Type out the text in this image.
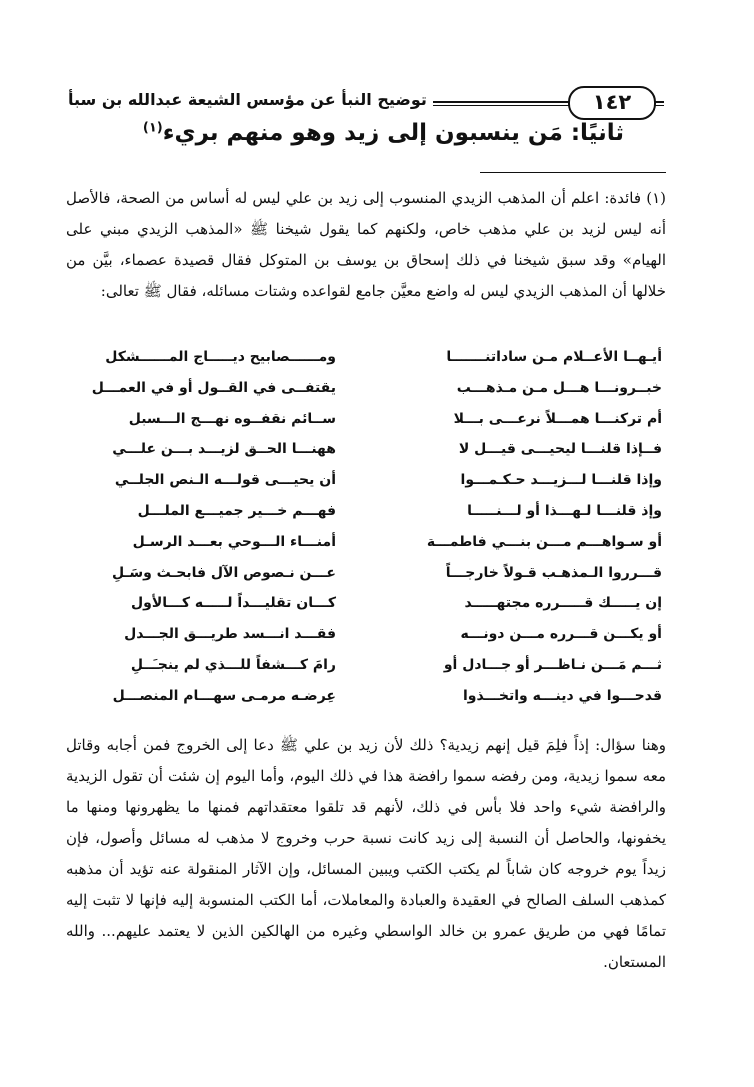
١٤٢
توضيح النبأ عن مؤسس الشيعة عبدالله بن سبأ
ثانيًا: مَن ينسبون إلى زيد وهو منهم بريء$^{(١)}$
(١) فائدة: اعلم أن المذهب الزيدي المنسوب إلى زيد بن علي ليس له أساس من الصحة، فالأصل أنه ليس لزيد بن علي مذهب خاص، ولكنهم كما يقول شيخنا ﷺ «المذهب الزيدي مبني على الهيام» وقد سبق شيخنا في ذلك إسحاق بن يوسف بن المتوكل فقال قصيدة عصماء، بيَّن من خلالها أن المذهب الزيدي ليس له واضع معيَّن جامع لقواعده وشتات مسائله، فقال ﷺ تعالى:
أيـهــا الأعــلام مـن ساداتنـــــــا
ومــــــصابيح ديـــــاج المــــــشكل
خبــرونـــا هـــل مـن مـذهـــب
يقتفــى في القــول أو في العمـــل
أم تركنـــا همـــلاً نرعـــى بـــلا
ســائم نقفــوه نهـــج الـــسبل
فــإذا قلنـــا ليحيـــى قيـــل لا
ههنـــا الحــق لزيـــد بـــن علـــي
وإذا قلنـــا لـــزيـــد حـكـمـــوا
أن يحيـــى قولـــه الـنص الجلــي
وإذ قلنـــا لـهـــذا أو لـــنـــــا
فهـــم خـــير جميـــع الملـــل
أو سـواهـــم مـــن بنـــي فاطمـــة
أمنـــاء الـــوحي بعـــد الرسـل
قـــرروا الـمذهـب قـولاً خارجـــاً
عـــن نـصوص الآل فابحـث وسَـلِ
إن يـــــك قـــــرره مجتهـــــد
كـــان تقليـــداً لـــــه كـــالأول
أو يكـــن قـــرره مـــن دونـــه
فقـــد انـــسد طريـــق الجـــدل
ثـــم مَـــن نـاظـــر أو جـــادل أو
رامَ كـــشفاً للـــذي لم ينجـَــلِ
قدحـــوا في دينـــه واتخـــذوا
عِرضـه مرمـى سهـــام المنصـــل
وهنا سؤال: إذاً فلِمَ قيل إنهم زيدية؟ ذلك لأن زيد بن علي ﷺ دعا إلى الخروج فمن أجابه وقاتل معه سموا زيدية، ومن رفضه سموا رافضة هذا في ذلك اليوم، وأما اليوم إن شئت أن تقول الزيدية والرافضة شيء واحد فلا بأس في ذلك، لأنهم قد تلقوا معتقداتهم فمنها ما يظهرونها ومنها ما يخفونها، والحاصل أن النسبة إلى زيد كانت نسبة حرب وخروج لا مذهب له مسائل وأصول، فإن زيداً يوم خروجه كان شاباً لم يكتب الكتب ويبين المسائل، وإن الآثار المنقولة عنه تؤيد أن مذهبه كمذهب السلف الصالح في العقيدة والعبادة والمعاملات، أما الكتب المنسوبة إليه فإنها لا تثبت إليه تمامًا فهي من طريق عمرو بن خالد الواسطي وغيره من الهالكين الذين لا يعتمد عليهم... والله المستعان.
